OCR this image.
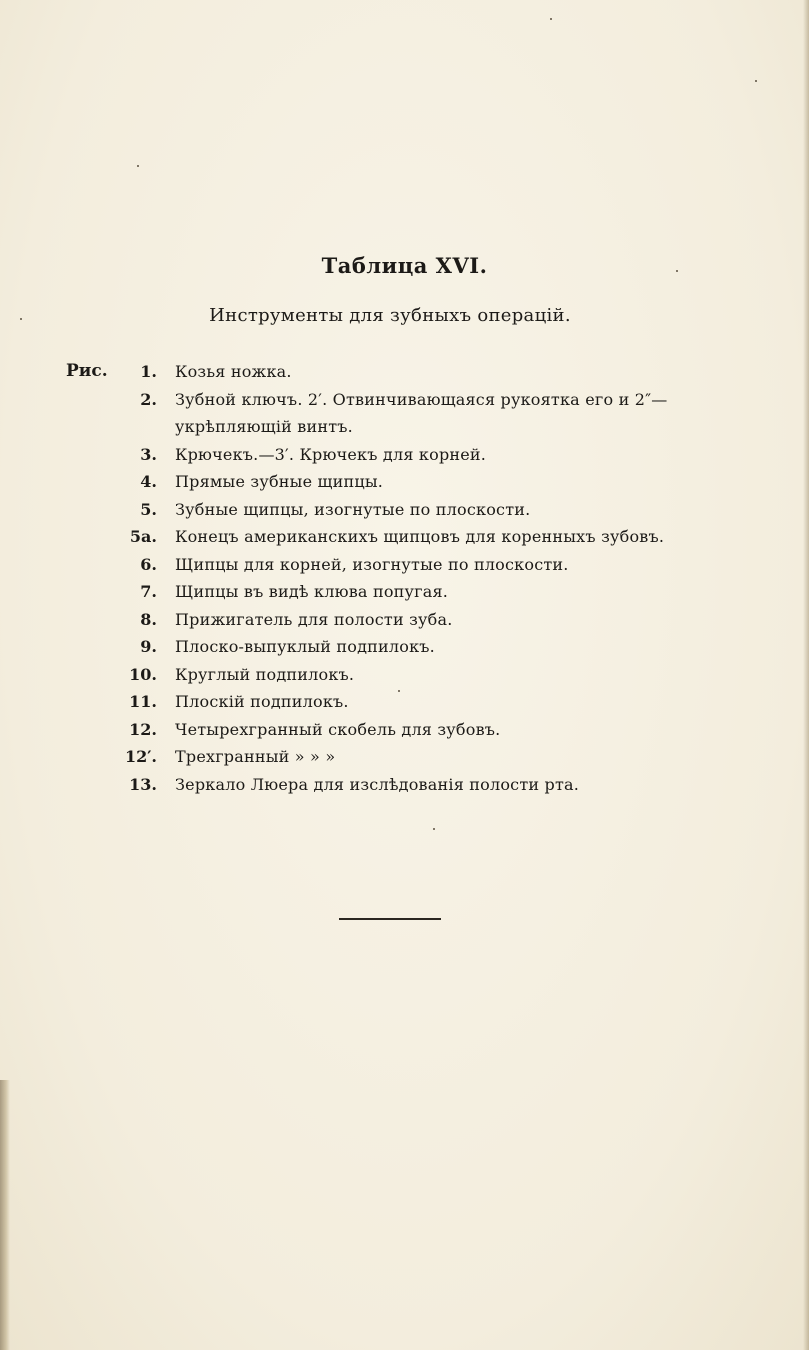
Таблица XVI.
Инструменты для зубныхъ операцій.
Рис. 1. Козья ножка.
2. Зубной ключъ. 2′. Отвинчивающаяся рукоятка его и 2″—
укрѣпляющій винтъ.
3. Крючекъ.—3′. Крючекъ для корней.
4. Прямые зубные щипцы.
5. Зубные щипцы, изогнутые по плоскости.
5а. Конецъ американскихъ щипцовъ для коренныхъ зубовъ.
6. Щипцы для корней, изогнутые по плоскости.
7. Щипцы въ видѣ клюва попугая.
8. Прижигатель для полости зуба.
9. Плоско-выпуклый подпилокъ.
10. Круглый подпилокъ.
11. Плоскій подпилокъ.
12. Четырехгранный скобель для зубовъ.
12′. Трехгранный » » »
13. Зеркало Люера для изслѣдованія полости рта.
